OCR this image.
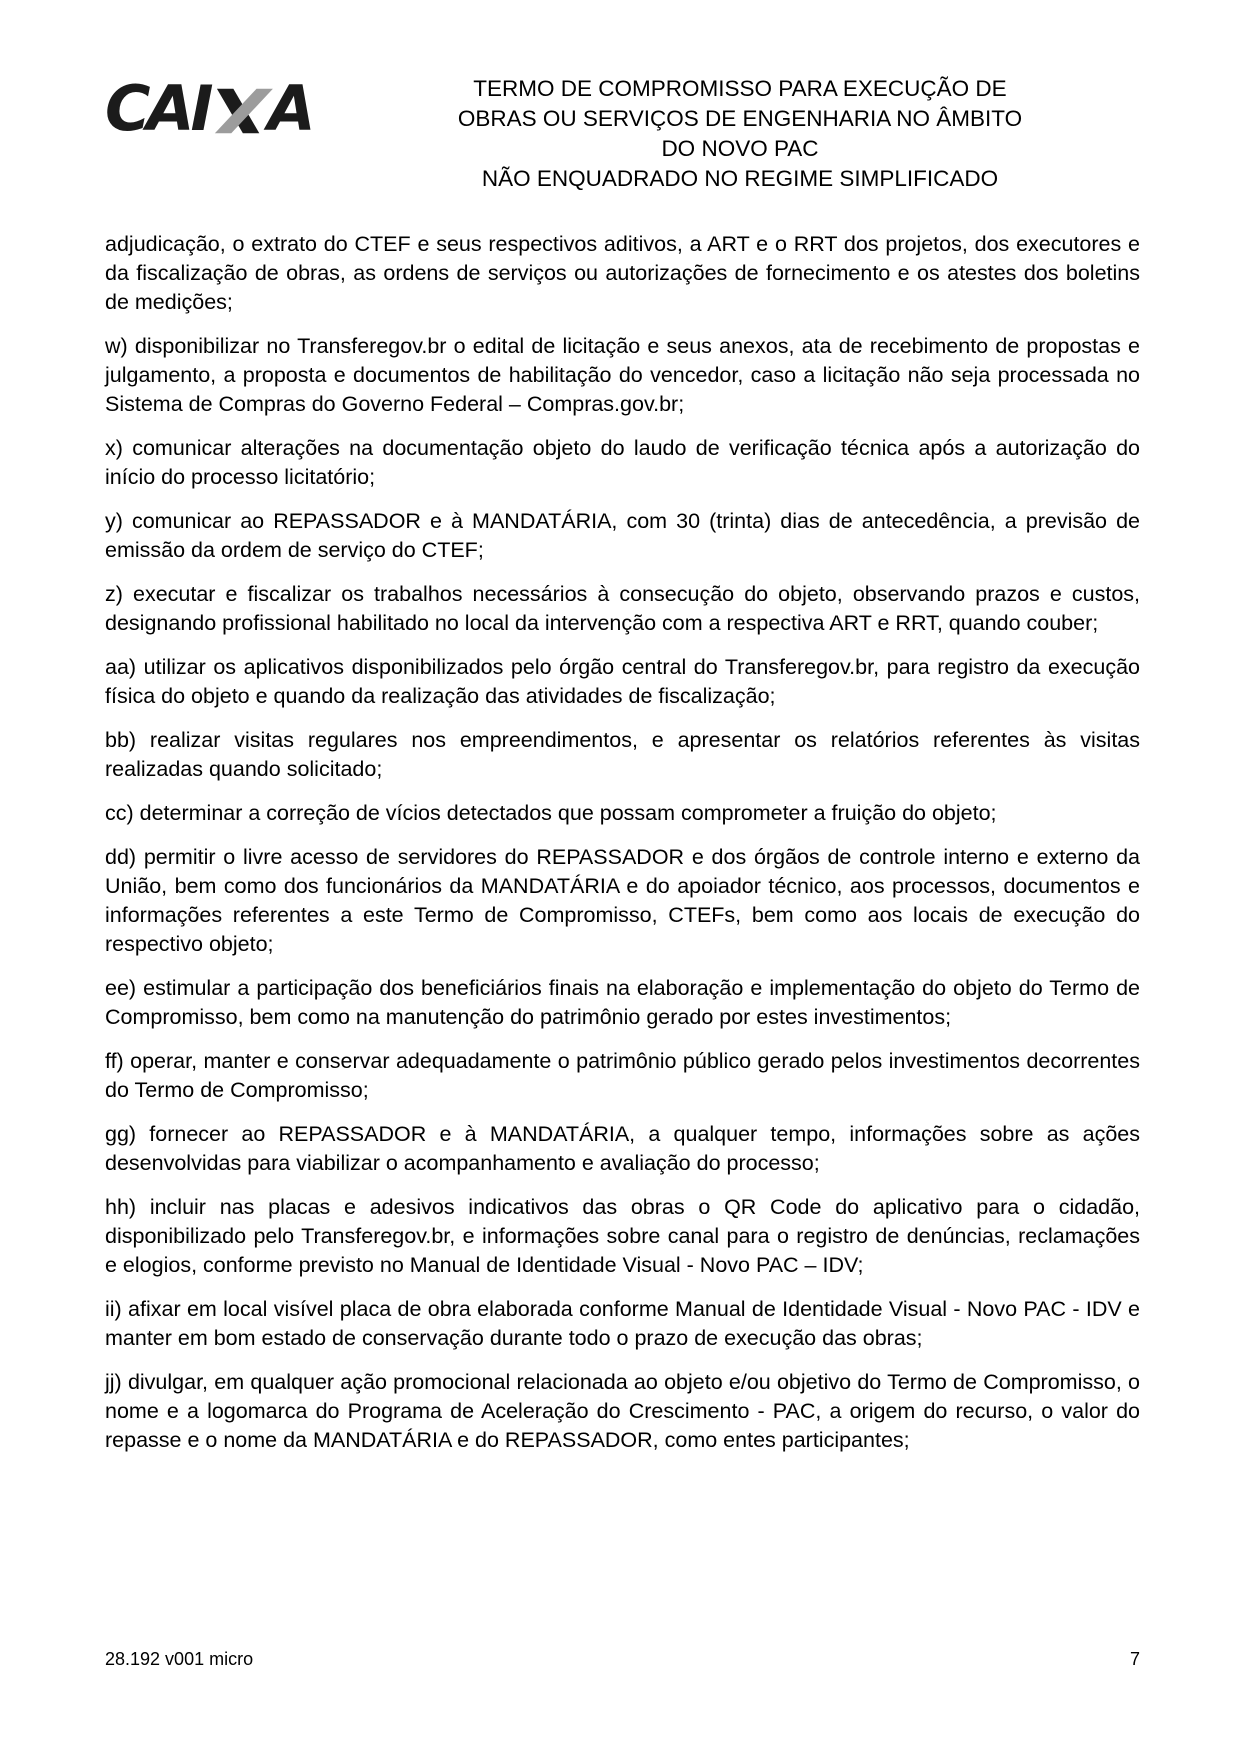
CAI A	TERMO DE COMPROMISSO PARA EXECUÇÃO DE
OBRAS OU SERVIÇOS DE ENGENHARIA NO ÂMBITO
DO NOVO PAC
NÃO ENQUADRADO NO REGIME SIMPLIFICADO

adjudicação, o extrato do CTEF e seus respectivos aditivos, a ART e o RRT dos projetos, dos executores e da fiscalização de obras, as ordens de serviços ou autorizações de fornecimento e os atestes dos boletins de medições;

w) disponibilizar no Transferegov.br o edital de licitação e seus anexos, ata de recebimento de propostas e julgamento, a proposta e documentos de habilitação do vencedor, caso a licitação não seja processada no Sistema de Compras do Governo Federal – Compras.gov.br;

x) comunicar alterações na documentação objeto do laudo de verificação técnica após a autorização do início do processo licitatório;

y) comunicar ao REPASSADOR e à MANDATÁRIA, com 30 (trinta) dias de antecedência, a previsão de emissão da ordem de serviço do CTEF;

z) executar e fiscalizar os trabalhos necessários à consecução do objeto, observando prazos e custos, designando profissional habilitado no local da intervenção com a respectiva ART e RRT, quando couber;

aa) utilizar os aplicativos disponibilizados pelo órgão central do Transferegov.br, para registro da execução física do objeto e quando da realização das atividades de fiscalização;

bb) realizar visitas regulares nos empreendimentos, e apresentar os relatórios referentes às visitas realizadas quando solicitado;

cc) determinar a correção de vícios detectados que possam comprometer a fruição do objeto;

dd) permitir o livre acesso de servidores do REPASSADOR e dos órgãos de controle interno e externo da União, bem como dos funcionários da MANDATÁRIA e do apoiador técnico, aos processos, documentos e informações referentes a este Termo de Compromisso, CTEFs, bem como aos locais de execução do respectivo objeto;

ee) estimular a participação dos beneficiários finais na elaboração e implementação do objeto do Termo de Compromisso, bem como na manutenção do patrimônio gerado por estes investimentos;

ff) operar, manter e conservar adequadamente o patrimônio público gerado pelos investimentos decorrentes do Termo de Compromisso;

gg) fornecer ao REPASSADOR e à MANDATÁRIA, a qualquer tempo, informações sobre as ações desenvolvidas para viabilizar o acompanhamento e avaliação do processo;

hh) incluir nas placas e adesivos indicativos das obras o QR Code do aplicativo para o cidadão, disponibilizado pelo Transferegov.br, e informações sobre canal para o registro de denúncias, reclamações e elogios, conforme previsto no Manual de Identidade Visual - Novo PAC – IDV;

ii) afixar em local visível placa de obra elaborada conforme Manual de Identidade Visual - Novo PAC - IDV e manter em bom estado de conservação durante todo o prazo de execução das obras;

jj) divulgar, em qualquer ação promocional relacionada ao objeto e/ou objetivo do Termo de Compromisso, o nome e a logomarca do Programa de Aceleração do Crescimento - PAC, a origem do recurso, o valor do repasse e o nome da MANDATÁRIA e do REPASSADOR, como entes participantes;

28.192 v001 micro	7
